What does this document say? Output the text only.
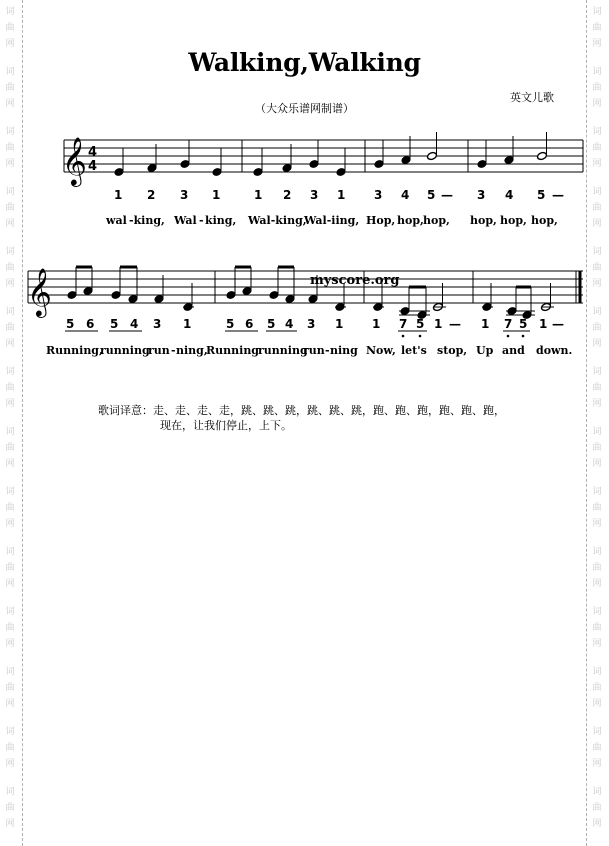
词
曲
网
词
曲
网
词
曲
网
词
曲
网
词
曲
网
词
曲
网
词
曲
网
词
曲
网
词
曲
网
词
曲
网
词
曲
网
词
曲
网
词
曲
网
词
曲
网
词
曲
网
词
曲
网
词
曲
网
词
曲
网
词
曲
网
词
曲
网
词
曲
网
词
曲
网
词
曲
网
词
曲
网
词
曲
网
词
曲
网
词
曲
网
词
曲
网
Walking,Walking
英文儿歌
（大众乐谱网制谱）
𝄞 4
4
1 2 3 1	1 2 3 1 3 4 5 — 3 4 5 —
wal -king, Wal - king, Wal-king,
Wal-iing, Hop, hop, hop, hop, hop, hop,
𝄞	myscore.org
5 6 5 4 3 1	5 6 5 4 3 1 1 7 5 1 — 1 7 5 1 —
Running,
running
run - ning,
Running
running
run - ning Now, let's stop, Up and down.
歌词译意：走、走、走、走，跳、跳、跳，跳、跳、跳，跑、跑、跑，跑、跑、跑，
现在，让我们停止，上下。
